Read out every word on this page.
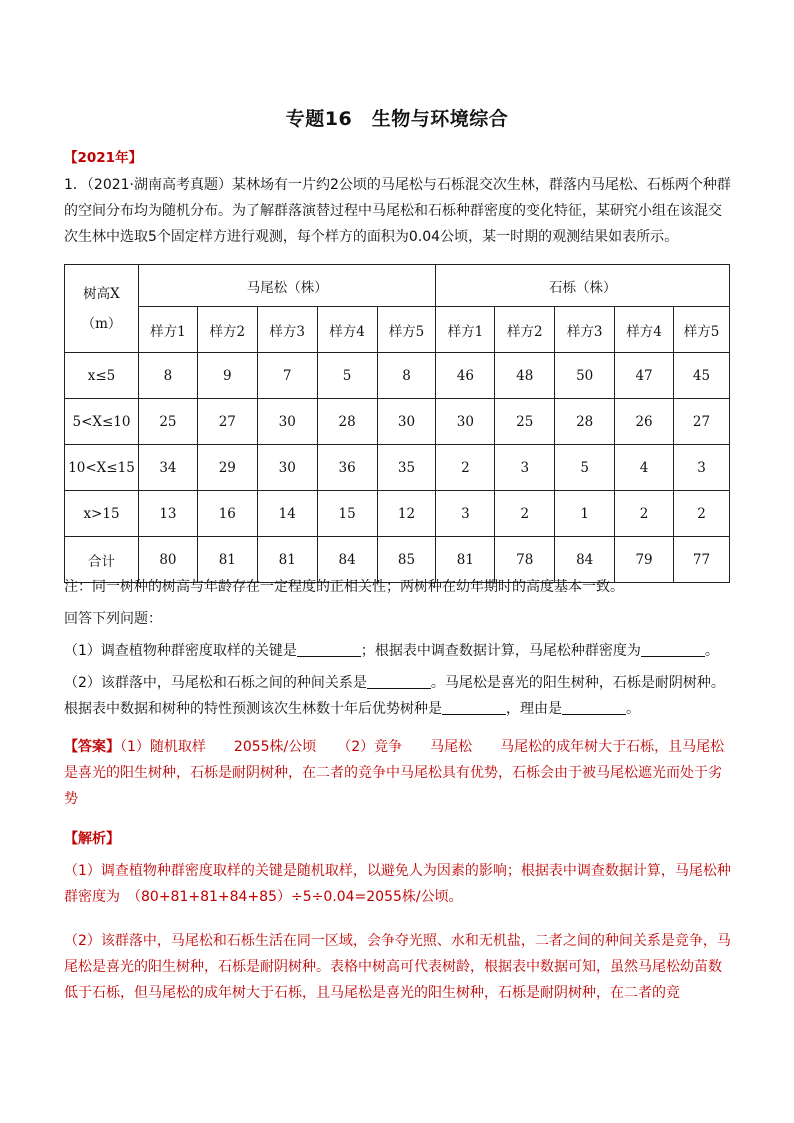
专题16　生物与环境综合
【2021年】
1．（2021·湖南高考真题）某林场有一片约2公顷的马尾松与石栎混交次生林，群落内马尾松、石栎两个种群的空间分布均为随机分布。为了解群落演替过程中马尾松和石栎种群密度的变化特征，某研究小组在该混交次生林中选取5个固定样方进行观测，每个样方的面积为0.04公顷，某一时期的观测结果如表所示。
树高X
（m）	马尾松（株）					石栎（株）				
	样方1	样方2	样方3	样方4	样方5	样方1	样方2	样方3	样方4	样方5
x≤5	8	9	7	5	8	46	48	50	47	45
5<X≤10	25	27	30	28	30	30	25	28	26	27
10<X≤15	34	29	30	36	35	2	3	5	4	3
x>15	13	16	14	15	12	3	2	1	2	2
合计	80	81	81	84	85	81	78	84	79	77
注：同一树种的树高与年龄存在一定程度的正相关性；两树种在幼年期时的高度基本一致。
回答下列问题：
（1）调查植物种群密度取样的关键是	；根据表中调查数据计算，马尾松种群密度为	。
（2）该群落中，马尾松和石栎之间的种间关系是	。马尾松是喜光的阳生树种，石栎是耐阴树种。
根据表中数据和树种的特性预测该次生林数十年后优势树种是	，理由是	。
【答案】（1）随机取样　　2055株/公顷　　（2）竞争　　马尾松　　马尾松的成年树大于石栎，且马尾松是喜光的阳生树种，石栎是耐阴树种，在二者的竞争中马尾松具有优势，石栎会由于被马尾松遮光而处于劣势
【解析】
（1）调查植物种群密度取样的关键是随机取样，以避免人为因素的影响；根据表中调查数据计算，马尾松种群密度为　（80+81+81+84+85）÷5÷0.04=2055株/公顷。
（2）该群落中，马尾松和石栎生活在同一区域，会争夺光照、水和无机盐，二者之间的种间关系是竞争，马尾松是喜光的阳生树种，石栎是耐阴树种。表格中树高可代表树龄，根据表中数据可知，虽然马尾松幼苗数低于石栎，但马尾松的成年树大于石栎，且马尾松是喜光的阳生树种，石栎是耐阴树种，在二者的竞
